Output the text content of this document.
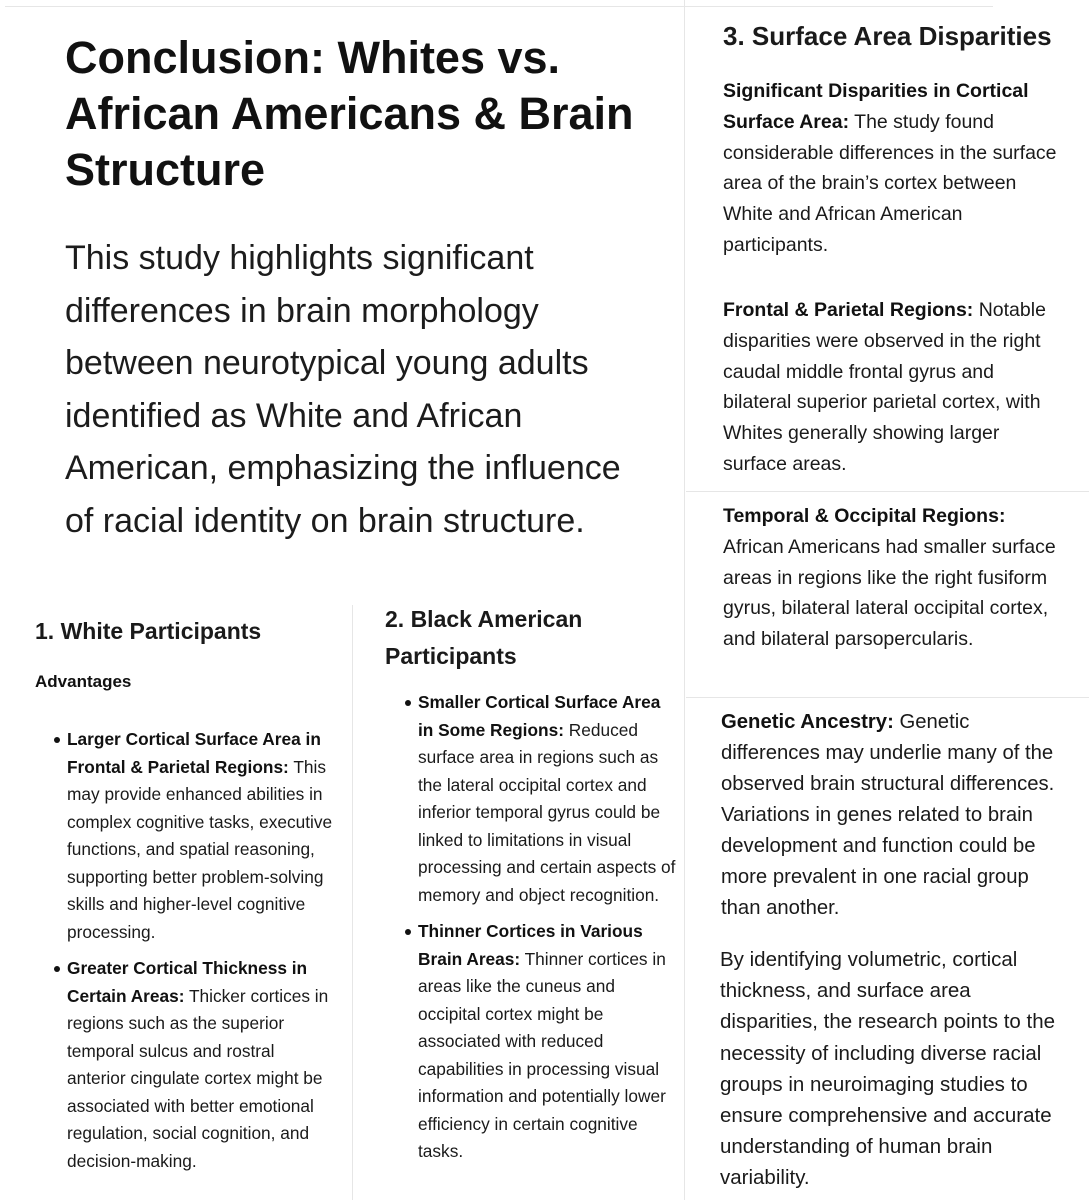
Conclusion: Whites vs. African Americans & Brain Structure

This study highlights significant differences in brain morphology between neurotypical young adults identified as White and African American, emphasizing the influence of racial identity on brain structure.

1. White Participants
Advantages
Larger Cortical Surface Area in Frontal & Parietal Regions: This may provide enhanced abilities in complex cognitive tasks, executive functions, and spatial reasoning, supporting better problem-solving skills and higher-level cognitive processing.
Greater Cortical Thickness in Certain Areas: Thicker cortices in regions such as the superior temporal sulcus and rostral anterior cingulate cortex might be associated with better emotional regulation, social cognition, and decision-making.
2. Black American Participants
Smaller Cortical Surface Area in Some Regions: Reduced surface area in regions such as the lateral occipital cortex and inferior temporal gyrus could be linked to limitations in visual processing and certain aspects of memory and object recognition.
Thinner Cortices in Various Brain Areas: Thinner cortices in areas like the cuneus and occipital cortex might be associated with reduced capabilities in processing visual information and potentially lower efficiency in certain cognitive tasks.
3. Surface Area Disparities

Significant Disparities in Cortical Surface Area: The study found considerable differences in the surface area of the brain’s cortex between White and African American participants.

Frontal & Parietal Regions: Notable disparities were observed in the right caudal middle frontal gyrus and bilateral superior parietal cortex, with Whites generally showing larger surface areas.

Temporal & Occipital Regions: African Americans had smaller surface areas in regions like the right fusiform gyrus, bilateral lateral occipital cortex, and bilateral parsopercularis.

Genetic Ancestry: Genetic differences may underlie many of the observed brain structural differences. Variations in genes related to brain development and function could be more prevalent in one racial group than another.

By identifying volumetric, cortical thickness, and surface area disparities, the research points to the necessity of including diverse racial groups in neuroimaging studies to ensure comprehensive and accurate understanding of human brain variability.
